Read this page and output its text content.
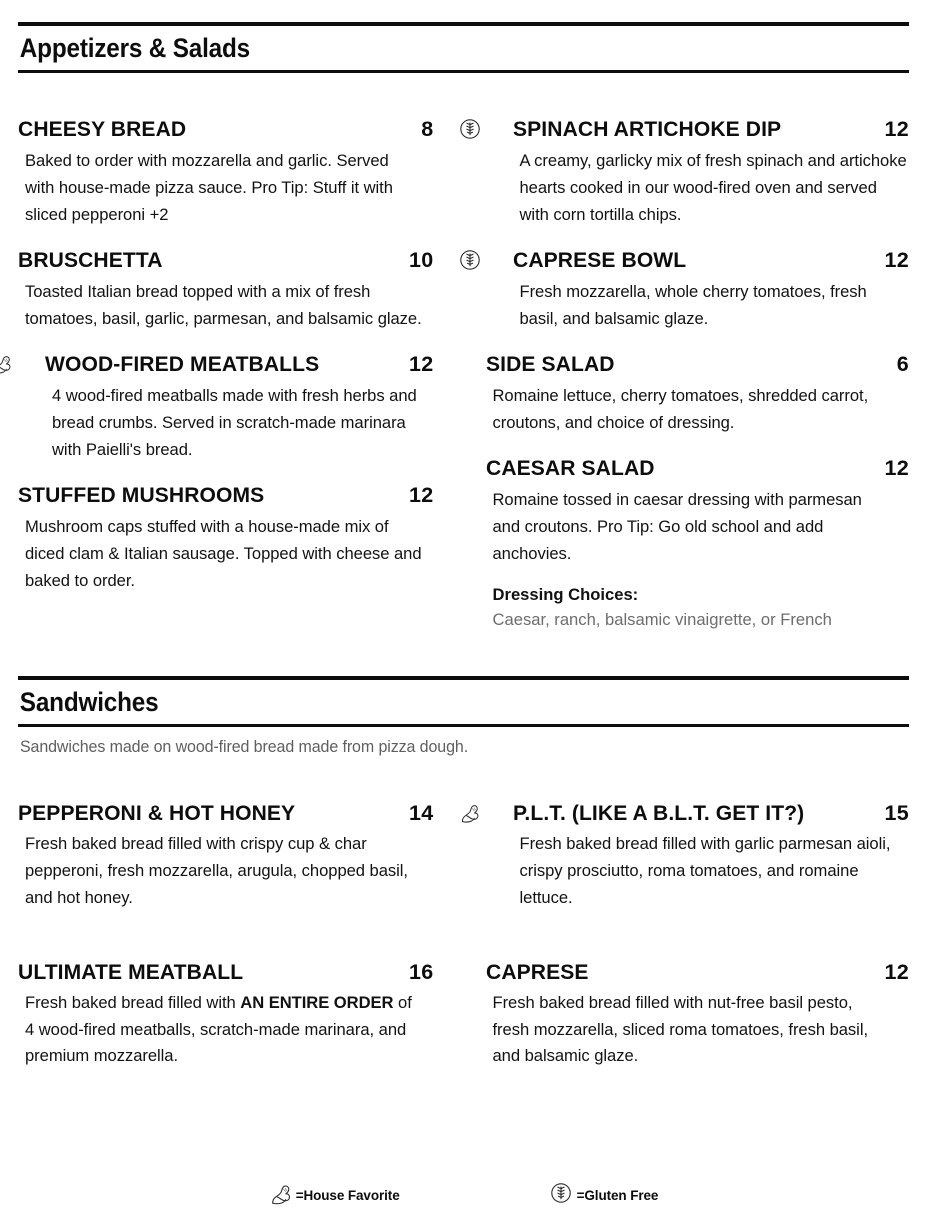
Appetizers & Salads
CHEESY BREAD	8
Baked to order with mozzarella and garlic. Served with house-made pizza sauce. Pro Tip: Stuff it with sliced pepperoni +2
BRUSCHETTA	10
Toasted Italian bread topped with a mix of fresh tomatoes, basil, garlic, parmesan, and balsamic glaze.
WOOD-FIRED MEATBALLS	12
4 wood-fired meatballs made with fresh herbs and bread crumbs. Served in scratch-made marinara with Paielli's bread.
STUFFED MUSHROOMS	12
Mushroom caps stuffed with a house-made mix of diced clam & Italian sausage. Topped with cheese and baked to order.
SPINACH ARTICHOKE DIP	12
A creamy, garlicky mix of fresh spinach and artichoke hearts cooked in our wood-fired oven and served with corn tortilla chips.
CAPRESE BOWL	12
Fresh mozzarella, whole cherry tomatoes, fresh basil, and balsamic glaze.
SIDE SALAD	6
Romaine lettuce, cherry tomatoes, shredded carrot, croutons, and choice of dressing.
CAESAR SALAD	12
Romaine tossed in caesar dressing with parmesan and croutons. Pro Tip: Go old school and add anchovies.
Dressing Choices:
Caesar, ranch, balsamic vinaigrette, or French
Sandwiches
Sandwiches made on wood-fired bread made from pizza dough.
PEPPERONI & HOT HONEY	14
Fresh baked bread filled with crispy cup & char pepperoni, fresh mozzarella, arugula, chopped basil, and hot honey.
ULTIMATE MEATBALL	16
Fresh baked bread filled with AN ENTIRE ORDER of 4 wood-fired meatballs, scratch-made marinara, and premium mozzarella.
P.L.T. (LIKE A B.L.T. GET IT?)	15
Fresh baked bread filled with garlic parmesan aioli, crispy prosciutto, roma tomatoes, and romaine lettuce.
CAPRESE	12
Fresh baked bread filled with nut-free basil pesto, fresh mozzarella, sliced roma tomatoes, fresh basil, and balsamic glaze.
=House Favorite	=Gluten Free
